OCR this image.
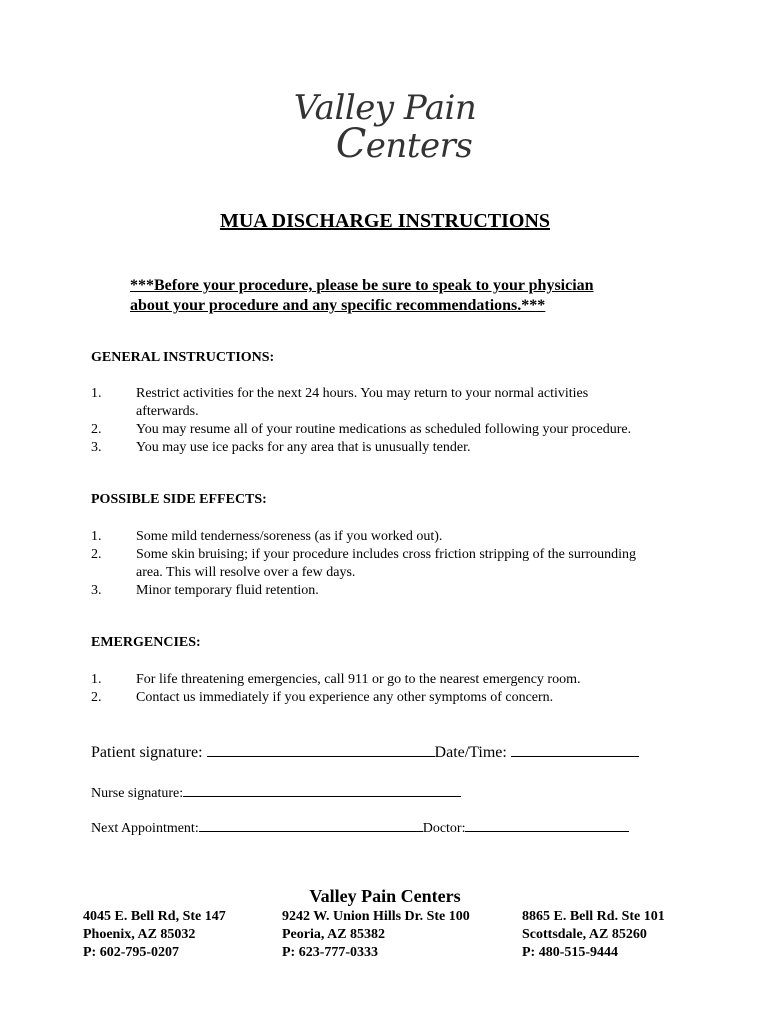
Valley Pain
Centers
MUA DISCHARGE INSTRUCTIONS
***Before your procedure, please be sure to speak to your physician
about your procedure and any specific recommendations.***
GENERAL INSTRUCTIONS:
1. Restrict activities for the next 24 hours. You may return to your normal activities
afterwards.
2. You may resume all of your routine medications as scheduled following your procedure.
3. You may use ice packs for any area that is unusually tender.
POSSIBLE SIDE EFFECTS:
1. Some mild tenderness/soreness (as if you worked out).
2. Some skin bruising; if your procedure includes cross friction stripping of the surrounding
area. This will resolve over a few days.
3. Minor temporary fluid retention.
EMERGENCIES:
1. For life threatening emergencies, call 911 or go to the nearest emergency room.
2. Contact us immediately if you experience any other symptoms of concern.
Patient signature:	Date/Time:
Nurse signature:
Next Appointment:	Doctor:
Valley Pain Centers
4045 E. Bell Rd, Ste 147
Phoenix, AZ 85032
P: 602-795-0207
9242 W. Union Hills Dr. Ste 100
Peoria, AZ 85382
P: 623-777-0333
8865 E. Bell Rd. Ste 101
Scottsdale, AZ 85260
P: 480-515-9444
